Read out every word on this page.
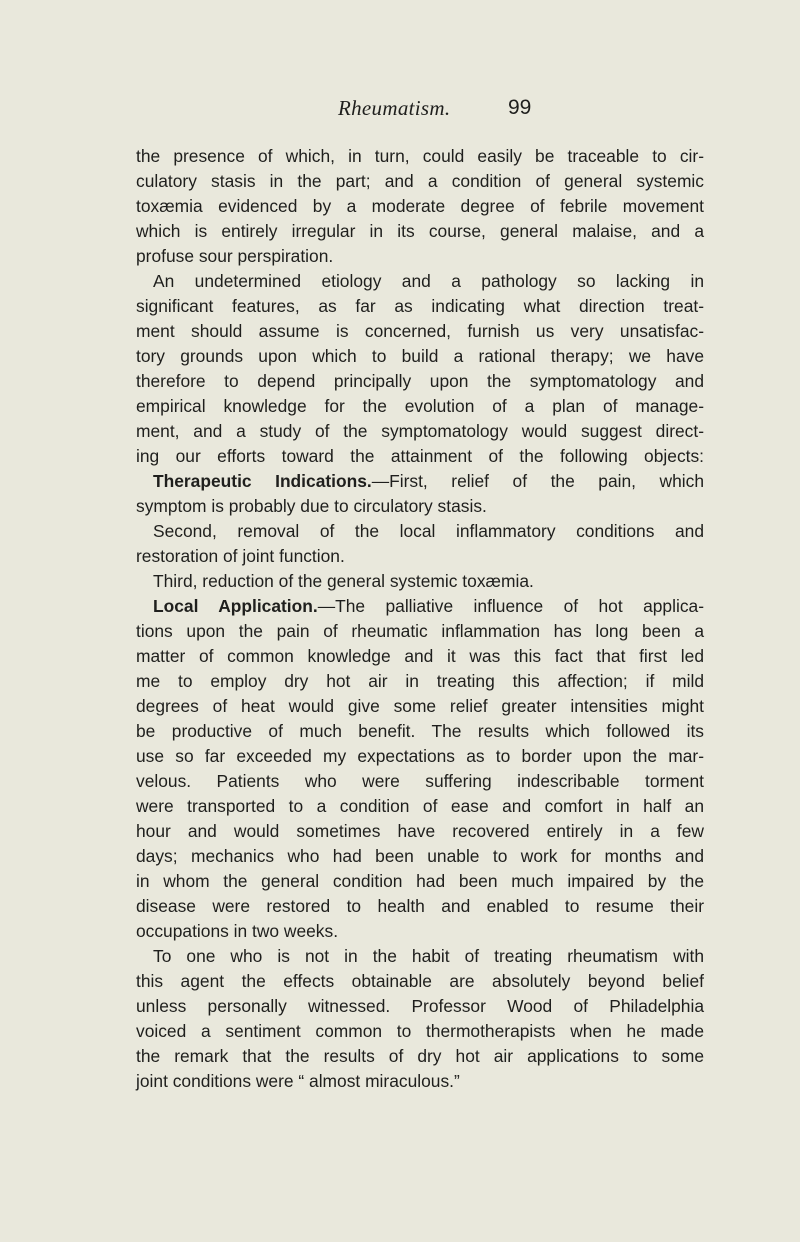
Rheumatism.	99
the presence of which, in turn, could easily be traceable to cir-
culatory stasis in the part; and a condition of general systemic
toxæmia evidenced by a moderate degree of febrile movement
which is entirely irregular in its course, general malaise, and a
profuse sour perspiration.
An undetermined etiology and a pathology so lacking in
significant features, as far as indicating what direction treat-
ment should assume is concerned, furnish us very unsatisfac-
tory grounds upon which to build a rational therapy; we have
therefore to depend principally upon the symptomatology and
empirical knowledge for the evolution of a plan of manage-
ment, and a study of the symptomatology would suggest direct-
ing our efforts toward the attainment of the following objects:
Therapeutic Indications.—First, relief of the pain, which
symptom is probably due to circulatory stasis.
Second, removal of the local inflammatory conditions and
restoration of joint function.
Third, reduction of the general systemic toxæmia.
Local Application.—The palliative influence of hot applica-
tions upon the pain of rheumatic inflammation has long been a
matter of common knowledge and it was this fact that first led
me to employ dry hot air in treating this affection; if mild
degrees of heat would give some relief greater intensities might
be productive of much benefit. The results which followed its
use so far exceeded my expectations as to border upon the mar-
velous. Patients who were suffering indescribable torment
were transported to a condition of ease and comfort in half an
hour and would sometimes have recovered entirely in a few
days; mechanics who had been unable to work for months and
in whom the general condition had been much impaired by the
disease were restored to health and enabled to resume their
occupations in two weeks.
To one who is not in the habit of treating rheumatism with
this agent the effects obtainable are absolutely beyond belief
unless personally witnessed. Professor Wood of Philadelphia
voiced a sentiment common to thermotherapists when he made
the remark that the results of dry hot air applications to some
joint conditions were “ almost miraculous.”
